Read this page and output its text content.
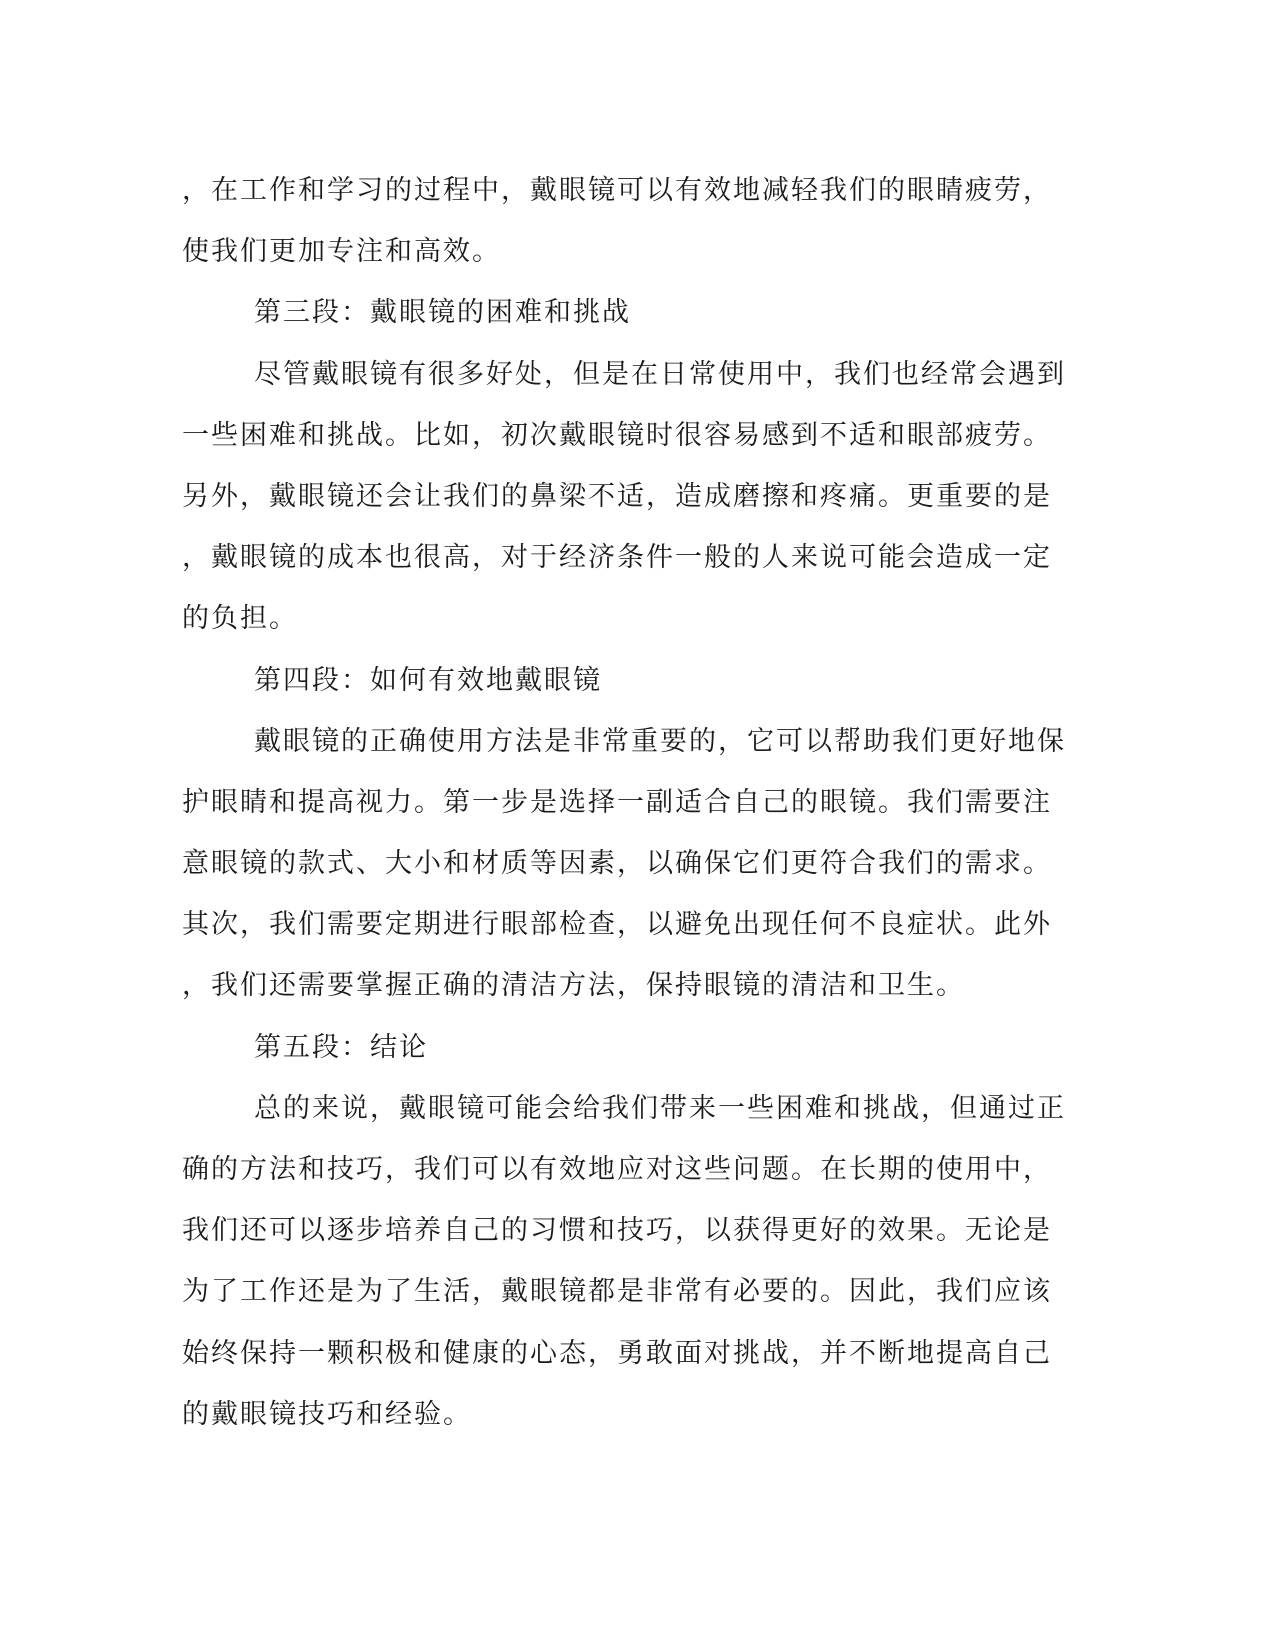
，在工作和学习的过程中，戴眼镜可以有效地减轻我们的眼睛疲劳，
使我们更加专注和高效。
第三段：戴眼镜的困难和挑战
尽管戴眼镜有很多好处，但是在日常使用中，我们也经常会遇到
一些困难和挑战。比如，初次戴眼镜时很容易感到不适和眼部疲劳。
另外，戴眼镜还会让我们的鼻梁不适，造成磨擦和疼痛。更重要的是
，戴眼镜的成本也很高，对于经济条件一般的人来说可能会造成一定
的负担。
第四段：如何有效地戴眼镜
戴眼镜的正确使用方法是非常重要的，它可以帮助我们更好地保
护眼睛和提高视力。第一步是选择一副适合自己的眼镜。我们需要注
意眼镜的款式、大小和材质等因素，以确保它们更符合我们的需求。
其次，我们需要定期进行眼部检查，以避免出现任何不良症状。此外
，我们还需要掌握正确的清洁方法，保持眼镜的清洁和卫生。
第五段：结论
总的来说，戴眼镜可能会给我们带来一些困难和挑战，但通过正
确的方法和技巧，我们可以有效地应对这些问题。在长期的使用中，
我们还可以逐步培养自己的习惯和技巧，以获得更好的效果。无论是
为了工作还是为了生活，戴眼镜都是非常有必要的。因此，我们应该
始终保持一颗积极和健康的心态，勇敢面对挑战，并不断地提高自己
的戴眼镜技巧和经验。
